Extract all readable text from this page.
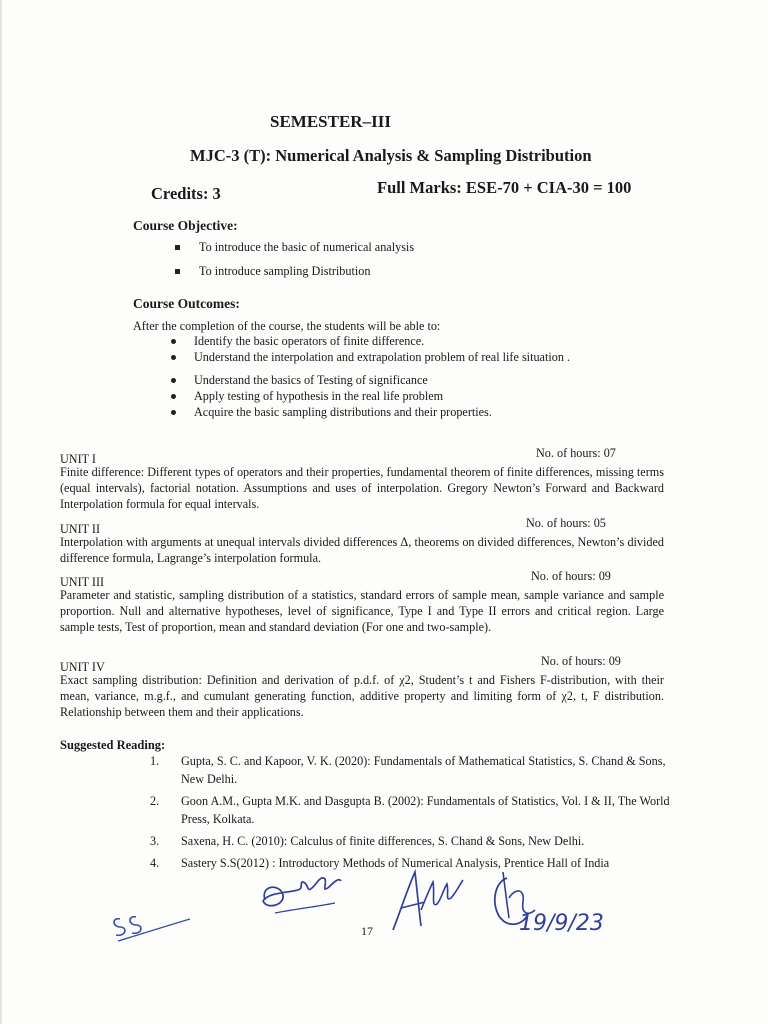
SEMESTER–III
MJC-3 (T): Numerical Analysis & Sampling Distribution
Credits: 3	Full Marks: ESE-70 + CIA-30 = 100
Course Objective:
To introduce the basic of numerical analysis
To introduce sampling Distribution
Course Outcomes:
After the completion of the course, the students will be able to:
Identify the basic operators of finite difference.
Understand the interpolation and extrapolation problem of real life situation .
Understand the basics of Testing of significance
Apply testing of hypothesis in the real life problem
Acquire the basic sampling distributions and their properties.
UNIT I	No. of hours: 07
Finite difference: Different types of operators and their properties, fundamental theorem of finite differences, missing terms (equal intervals), factorial notation. Assumptions and uses of interpolation. Gregory Newton’s Forward and Backward Interpolation formula for equal intervals.
UNIT II	No. of hours: 05
Interpolation with arguments at unequal intervals divided differences Δ, theorems on divided differences, Newton’s divided difference formula, Lagrange’s interpolation formula.
UNIT III	No. of hours: 09
Parameter and statistic, sampling distribution of a statistics, standard errors of sample mean, sample variance and sample proportion. Null and alternative hypotheses, level of significance, Type I and Type II errors and critical region. Large sample tests, Test of proportion, mean and standard deviation (For one and two-sample).
UNIT IV	No. of hours: 09
Exact sampling distribution: Definition and derivation of p.d.f. of χ2, Student’s t and Fishers F-distribution, with their mean, variance, m.g.f., and cumulant generating function, additive property and limiting form of χ2, t, F distribution. Relationship between them and their applications.
Suggested Reading:
1. Gupta, S. C. and Kapoor, V. K. (2020): Fundamentals of Mathematical Statistics, S. Chand & Sons, New Delhi.
2. Goon A.M., Gupta M.K. and Dasgupta B. (2002): Fundamentals of Statistics, Vol. I & II, The World Press, Kolkata.
3. Saxena, H. C. (2010): Calculus of finite differences, S. Chand & Sons, New Delhi.
4. Sastery S.S(2012) : Introductory Methods of Numerical Analysis, Prentice Hall of India
17	19/9/23
